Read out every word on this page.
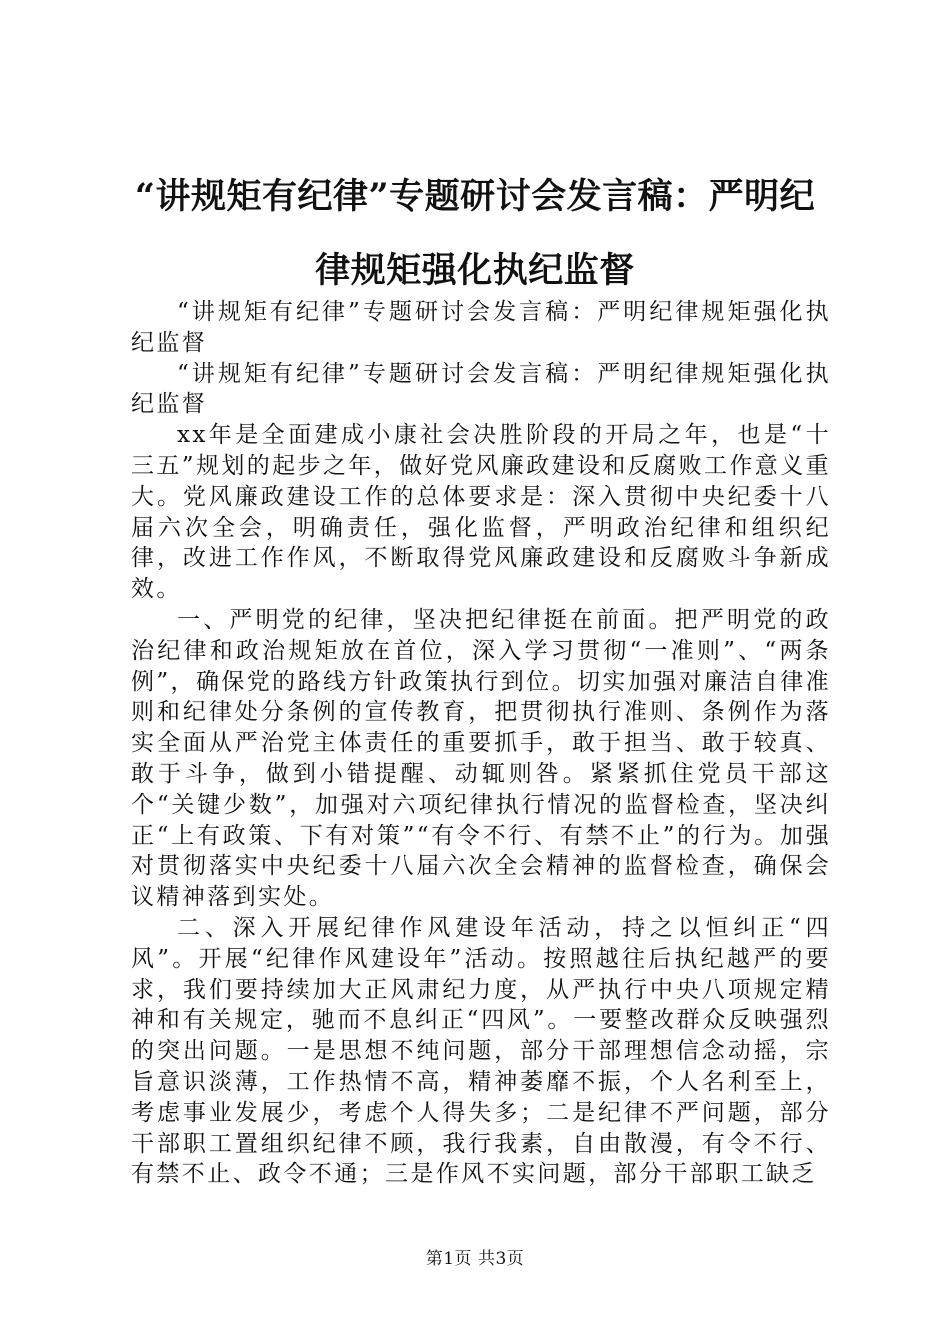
“讲规矩有纪律”专题研讨会发言稿：严明纪
律规矩强化执纪监督

“讲规矩有纪律”专题研讨会发言稿：严明纪律规矩强化执纪监督

“讲规矩有纪律”专题研讨会发言稿：严明纪律规矩强化执纪监督

xx年是全面建成小康社会决胜阶段的开局之年，也是“十三五”规划的起步之年，做好党风廉政建设和反腐败工作意义重大。党风廉政建设工作的总体要求是：深入贯彻中央纪委十八届六次全会，明确责任，强化监督，严明政治纪律和组织纪律，改进工作作风，不断取得党风廉政建设和反腐败斗争新成效。

一、严明党的纪律，坚决把纪律挺在前面。把严明党的政治纪律和政治规矩放在首位，深入学习贯彻“一准则”、“两条例”，确保党的路线方针政策执行到位。切实加强对廉洁自律准则和纪律处分条例的宣传教育，把贯彻执行准则、条例作为落实全面从严治党主体责任的重要抓手，敢于担当、敢于较真、敢于斗争，做到小错提醒、动辄则咎。紧紧抓住党员干部这个“关键少数”，加强对六项纪律执行情况的监督检查，坚决纠正“上有政策、下有对策”“有令不行、有禁不止”的行为。加强对贯彻落实中央纪委十八届六次全会精神的监督检查，确保会议精神落到实处。

二、深入开展纪律作风建设年活动，持之以恒纠正“四风”。开展“纪律作风建设年”活动。按照越往后执纪越严的要求，我们要持续加大正风肃纪力度，从严执行中央八项规定精神和有关规定，驰而不息纠正“四风”。一要整改群众反映强烈的突出问题。一是思想不纯问题，部分干部理想信念动摇，宗旨意识淡薄，工作热情不高，精神萎靡不振，个人名利至上，考虑事业发展少，考虑个人得失多；二是纪律不严问题，部分干部职工置组织纪律不顾，我行我素，自由散漫，有令不行、有禁不止、政令不通；三是作风不实问题，部分干部职工缺乏

第1页 共3页
